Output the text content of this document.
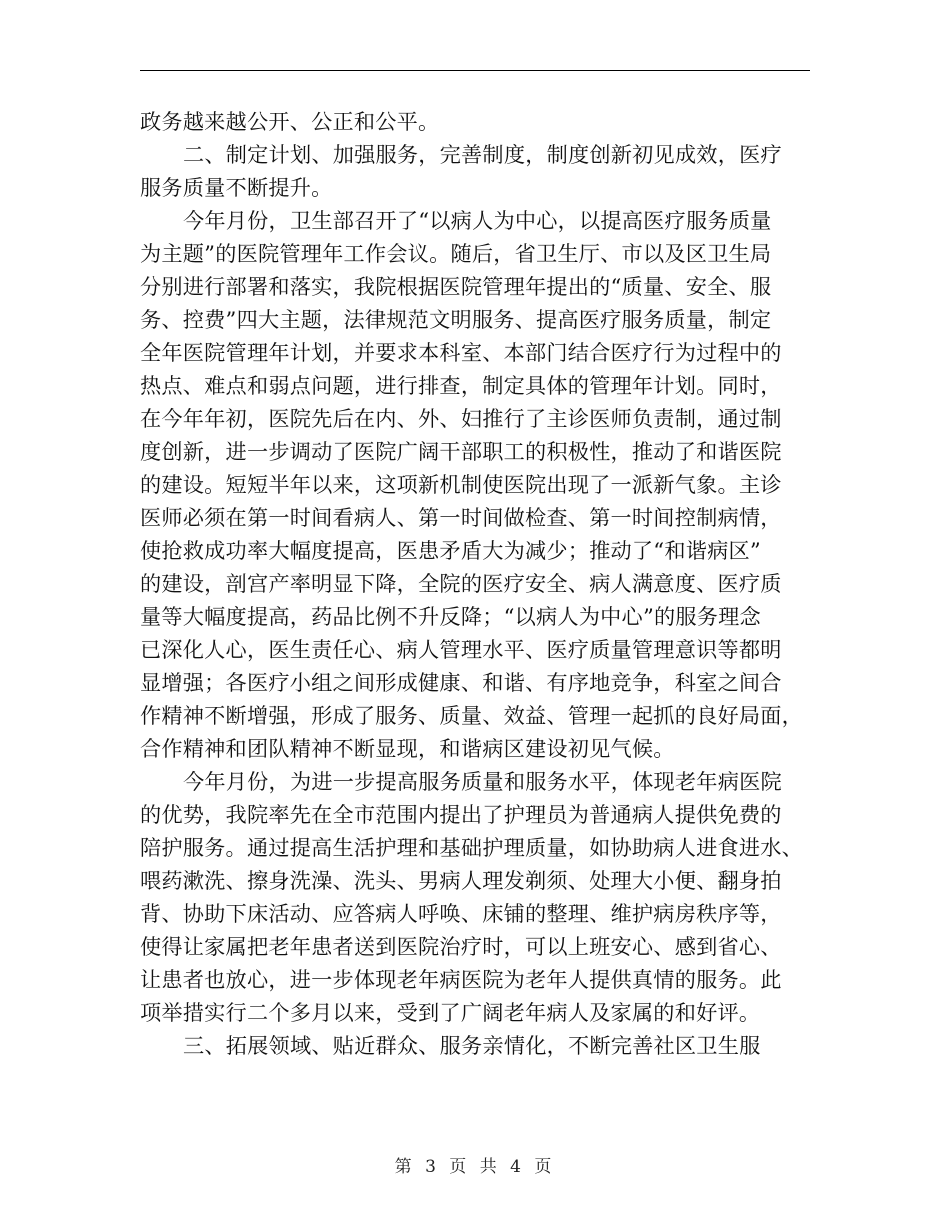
政务越来越公开、公正和公平。
二、制定计划、加强服务，完善制度，制度创新初见成效，医疗
服务质量不断提升。
今年月份，卫生部召开了“以病人为中心，以提高医疗服务质量
为主题”的医院管理年工作会议。随后，省卫生厅、市以及区卫生局
分别进行部署和落实，我院根据医院管理年提出的“质量、安全、服
务、控费”四大主题，法律规范文明服务、提高医疗服务质量，制定
全年医院管理年计划，并要求本科室、本部门结合医疗行为过程中的
热点、难点和弱点问题，进行排查，制定具体的管理年计划。同时，
在今年年初，医院先后在内、外、妇推行了主诊医师负责制，通过制
度创新，进一步调动了医院广阔干部职工的积极性，推动了和谐医院
的建设。短短半年以来，这项新机制使医院出现了一派新气象。主诊
医师必须在第一时间看病人、第一时间做检查、第一时间控制病情，
使抢救成功率大幅度提高，医患矛盾大为减少；推动了“和谐病区”
的建设，剖宫产率明显下降，全院的医疗安全、病人满意度、医疗质
量等大幅度提高，药品比例不升反降；“以病人为中心”的服务理念
已深化人心，医生责任心、病人管理水平、医疗质量管理意识等都明
显增强；各医疗小组之间形成健康、和谐、有序地竞争，科室之间合
作精神不断增强，形成了服务、质量、效益、管理一起抓的良好局面，
合作精神和团队精神不断显现，和谐病区建设初见气候。
今年月份，为进一步提高服务质量和服务水平，体现老年病医院
的优势，我院率先在全市范围内提出了护理员为普通病人提供免费的
陪护服务。通过提高生活护理和基础护理质量，如协助病人进食进水、
喂药漱洗、擦身洗澡、洗头、男病人理发剃须、处理大小便、翻身拍
背、协助下床活动、应答病人呼唤、床铺的整理、维护病房秩序等，
使得让家属把老年患者送到医院治疗时，可以上班安心、感到省心、
让患者也放心，进一步体现老年病医院为老年人提供真情的服务。此
项举措实行二个多月以来，受到了广阔老年病人及家属的和好评。
三、拓展领域、贴近群众、服务亲情化，不断完善社区卫生服
第 3 页 共 4 页
